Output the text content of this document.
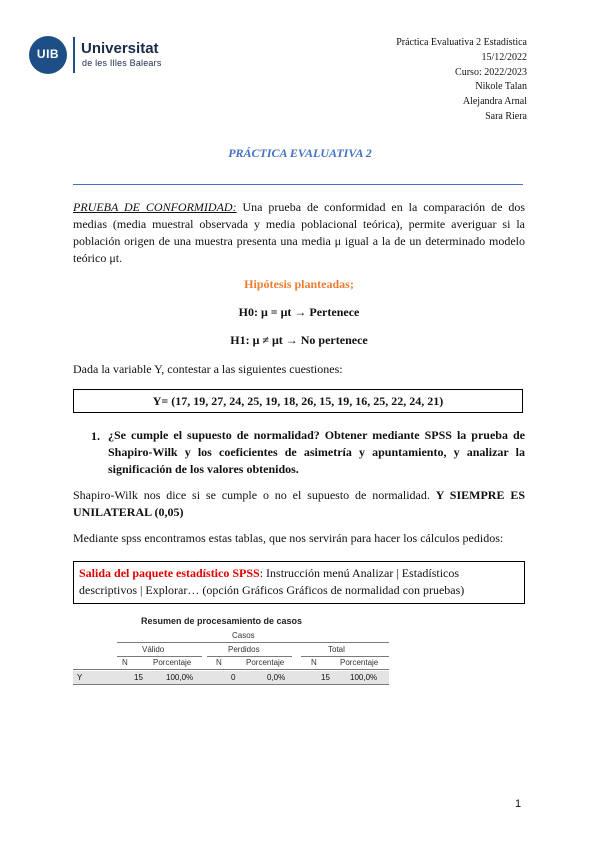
UIB	Universitat
de les Illes Balears
Práctica Evaluativa 2 Estadística
15/12/2022
Curso: 2022/2023
Nikole Talan
Alejandra Arnal
Sara Riera
PRÁCTICA EVALUATIVA 2
PRUEBA DE CONFORMIDAD: Una prueba de conformidad en la comparación de dos medias (media muestral observada y media poblacional teórica), permite averiguar si la población origen de una muestra presenta una media μ igual a la de un determinado modelo teórico μt.
Hipótesis planteadas;
H0: μ = μt → Pertenece
H1: μ ≠ μt → No pertenece
Dada la variable Y, contestar a las siguientes cuestiones:
Y= (17, 19, 27, 24, 25, 19, 18, 26, 15, 19, 16, 25, 22, 24, 21)
1. ¿Se cumple el supuesto de normalidad? Obtener mediante SPSS la prueba de Shapiro-Wilk y los coeficientes de asimetría y apuntamiento, y analizar la significación de los valores obtenidos.
Shapiro-Wilk nos dice si se cumple o no el supuesto de normalidad. Y SIEMPRE ES UNILATERAL (0,05)
Mediante spss encontramos estas tablas, que nos servirán para hacer los cálculos pedidos:
Salida del paquete estadístico SPSS: Instrucción menú Analizar | Estadísticos descriptivos | Explorar… (opción Gráficos Gráficos de normalidad con pruebas)
Resumen de procesamiento de casos
Casos
Válido	Perdidos	Total
N	Porcentaje	N	Porcentaje	N	Porcentaje
Y	15	100,0%	0	0,0%	15	100,0%
1
